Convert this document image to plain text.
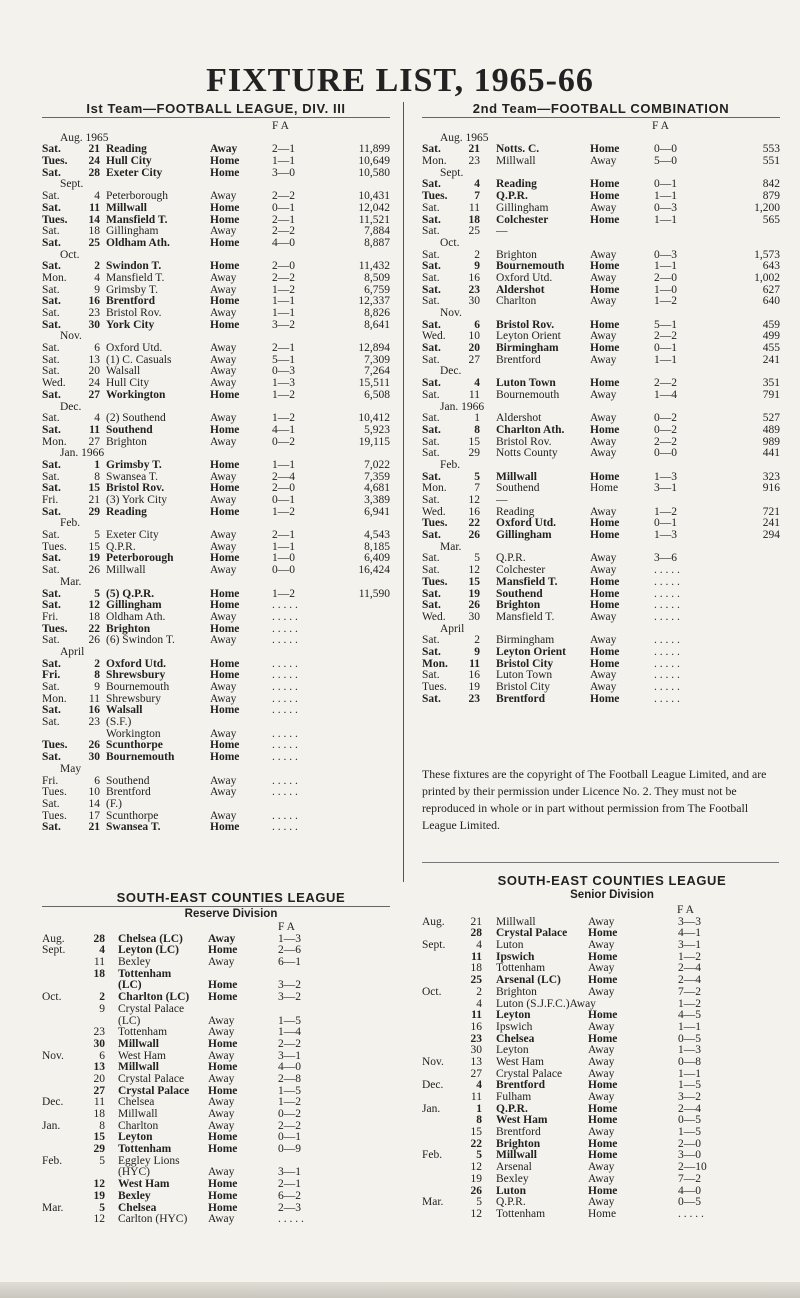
FIXTURE LIST, 1965-66
Ist Team—FOOTBALL LEAGUE, DIV. III
F A
Aug. 1965
Sat. 21 Reading	Away	2—1	11,899
Tues. 24 Hull City	Home	1—1	10,649
Sat. 28 Exeter City	Home	3—0	10,580
Sept.
Sat.	4 Peterborough	Away	2—2	10,431
Sat. 11 Millwall	Home	0—1	12,042
Tues. 14 Mansfield T.	Home	2—1	11,521
Sat.	18 Gillingham	Away	2—2	7,884
Sat. 25 Oldham Ath.	Home	4—0	8,887
Oct.
Sat.	2 Swindon T.	Home	2—0	11,432
Mon. 4 Mansfield T.	Away	2—2	8,509
Sat.	9 Grimsby T.	Away	1—2	6,759
Sat. 16 Brentford	Home	1—1	12,337
Sat.	23 Bristol Rov.	Away	1—1	8,826
Sat. 30 York City	Home	3—2	8,641
Nov.
Sat.	6 Oxford Utd.	Away	2—1	12,894
Sat.	13 (1) C. Casuals	Away	5—1	7,309
Sat.	20 Walsall	Away	0—3	7,264
Wed. 24 Hull City	Away	1—3	15,511
Sat. 27 Workington	Home	1—2	6,508
Dec.
Sat.	4 (2) Southend	Away	1—2	10,412
Sat. 11 Southend	Home	4—1	5,923
Mon. 27 Brighton	Away	0—2	19,115
Jan. 1966
Sat.	1 Grimsby T.	Home	1—1	7,022
Sat.	8 Swansea T.	Away	2—4	7,359
Sat. 15 Bristol Rov.	Home	2—0	4,681
Fri.	21 (3) York City	Away	0—1	3,389
Sat. 29 Reading	Home	1—2	6,941
Feb.
Sat.	5 Exeter City	Away	2—1	4,543
Tues. 15 Q.P.R.	Away	1—1	8,185
Sat. 19 Peterborough	Home	1—0	6,409
Sat.	26 Millwall	Away	0—0	16,424
Mar.
Sat.	5 (5) Q.P.R.	Home	1—2	11,590
Sat. 12 Gillingham	Home	. . . . .
Fri.	18 Oldham Ath.	Away	. . . . .
Tues. 22 Brighton	Home	. . . . .
Sat.	26 (6) Swindon T.	Away	. . . . .
April
Sat.	2 Oxford Utd.	Home	. . . . .
Fri.	8 Shrewsbury	Home	. . . . .
Sat.	9 Bournemouth	Away	. . . . .
Mon. 11 Shrewsbury	Away	. . . . .
Sat. 16 Walsall	Home	. . . . .
Sat.	23 (S.F.)
Workington	Away	. . . . .
Tues. 26 Scunthorpe	Home	. . . . .
Sat. 30 Bournemouth	Home	. . . . .
May
Fri.	6 Southend	Away	. . . . .
Tues. 10 Brentford	Away	. . . . .
Sat.	14 (F.)
Tues. 17 Scunthorpe	Away	. . . . .
Sat. 21 Swansea T.	Home	. . . . .
2nd Team—FOOTBALL COMBINATION
F A
Aug. 1965
Sat. 21 Notts. C.	Home	0—0	553
Mon. 23 Millwall	Away	5—0	551
Sept.
Sat.	4 Reading	Home	0—1	842
Tues. 7 Q.P.R.	Home	1—1	879
Sat.	11 Gillingham	Away	0—3	1,200
Sat. 18 Colchester	Home	1—1	565
Sat.	25 —
Oct.
Sat.	2 Brighton	Away	0—3	1,573
Sat.	9 Bournemouth Home	1—1	643
Sat.	16 Oxford Utd.	Away	2—0	1,002
Sat. 23 Aldershot	Home	1—0	627
Sat.	30 Charlton	Away	1—2	640
Nov.
Sat.	6 Bristol Rov.	Home	5—1	459
Wed. 10 Leyton Orient	Away	2—2	499
Sat. 20 Birmingham	Home	0—1	455
Sat.	27 Brentford	Away	1—1	241
Dec.
Sat.	4 Luton Town	Home	2—2	351
Sat.	11 Bournemouth	Away	1—4	791
Jan. 1966
Sat.	1 Aldershot	Away	0—2	527
Sat.	8 Charlton Ath. Home	0—2	489
Sat.	15 Bristol Rov.	Away	2—2	989
Sat.	29 Notts County	Away	0—0	441
Feb.
Sat.	5 Millwall	Home	1—3	323
Mon. 7 Southend	Home	3—1	916
Sat.	12 —
Wed. 16 Reading	Away	1—2	721
Tues. 22 Oxford Utd.	Home	0—1	241
Sat. 26 Gillingham	Home	1—3	294
Mar.
Sat.	5 Q.P.R.	Away	3—6
Sat.	12 Colchester	Away	. . . . .
Tues. 15 Mansfield T.	Home	. . . . .
Sat. 19 Southend	Home	. . . . .
Sat. 26 Brighton	Home	. . . . .
Wed. 30 Mansfield T.	Away	. . . . .
April
Sat.	2 Birmingham	Away	. . . . .
Sat.	9 Leyton Orient Home	. . . . .
Mon. 11 Bristol City	Home	. . . . .
Sat.	16 Luton Town	Away	. . . . .
Tues. 19 Bristol City	Away	. . . . .
Sat. 23 Brentford	Home	. . . . .

These fixtures are the copyright of The Football League Limited, and are printed by their permission under Licence No. 2. They must not be reproduced in whole or in part without permission from The Football League Limited.

SOUTH-EAST COUNTIES LEAGUE
Reserve Division
F A
Aug.	28 Chelsea (LC) Away	1—3
Sept.	4 Leyton (LC)	Home	2—6
11 Bexley	Away	6—1
18 Tottenham
(LC)	Home	3—2
Oct.	2 Charlton (LC) Home	3—2
9 Crystal Palace
(LC)	Away	1—5
23 Tottenham	Away	1—4
30 Millwall	Home	2—2
Nov.	6 West Ham	Away	3—1
13 Millwall	Home	4—0
20 Crystal Palace Away	2—8
27 Crystal Palace Home	1—5
Dec.	11 Chelsea	Away	1—2
18 Millwall	Away	0—2
Jan.	8 Charlton	Away	2—2
15 Leyton	Home	0—1
29 Tottenham	Home	0—9
Feb.	5 Eggley Lions
(HYC)	Away	3—1
12 West Ham	Home	2—1
19 Bexley	Home	6—2
Mar.	5 Chelsea	Home	2—3
12 Carlton (HYC) Away	. . . . .
SOUTH-EAST COUNTIES LEAGUE
Senior Division
F A
Aug. 21 Millwall	Away	3—3
28 Crystal Palace Home	4—1
Sept.	4 Luton	Away	3—1
11 Ipswich	Home	1—2
18 Tottenham	Away	2—4
25 Arsenal (LC) Home	2—4
Oct.	2 Brighton	Away	7—2
4 Luton (S.J.F.C.)Away	1—2
11 Leyton	Home	4—5
16 Ipswich	Away	1—1
23 Chelsea	Home	0—5
30 Leyton	Away	1—3
Nov. 13 West Ham	Away	0—8
27 Crystal Palace Away	1—1
Dec.	4 Brentford	Home	1—5
11 Fulham	Away	3—2
Jan.	1 Q.P.R.	Home	2—4
8 West Ham	Home	0—5
15 Brentford	Away	1—5
22 Brighton	Home	2—0
Feb.	5 Millwall	Home	3—0
12 Arsenal	Away	2—10
19 Bexley	Away	7—2
26 Luton	Home	4—0
Mar.	5 Q.P.R.	Away	0—5
12 Tottenham	Home	. . . . .
